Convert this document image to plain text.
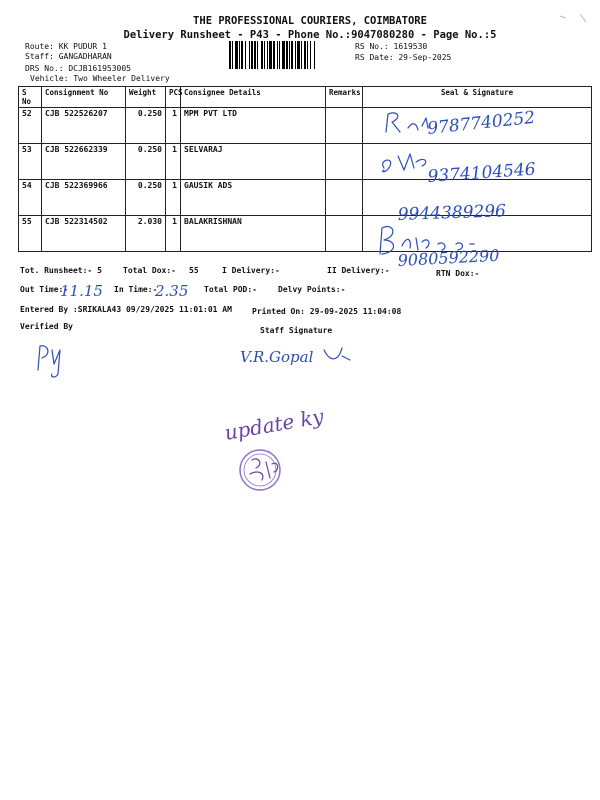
THE PROFESSIONAL COURIERS, COIMBATORE
Delivery Runsheet - P43 - Phone No.:9047080280 - Page No.:5
Route: KK PUDUR 1
Staff: GANGADHARAN
DRS No.: DCJB161953005
Vehicle: Two Wheeler Delivery
RS No.: 1619530
RS Date: 29-Sep-2025
S No	Consignment No	Weight	PCS	Consignee Details	Remarks	Seal & Signature
52	CJB 522526207	0.250	1	MPM PVT LTD		
53	CJB 522662339	0.250	1	SELVARAJ		
54	CJB 522369966	0.250	1	GAUSIK ADS		
55	CJB 522314502	2.030	1	BALAKRISHNAN		
Tot. Runsheet:- 5	Total Dox:- 55	I Delivery:-	II Delivery:-	RTN Dox:-
Out Time:-	In Time:-	Total POD:-	Delvy Points:-
Entered By :SRIKALA43 09/29/2025 11:01:01 AM	Printed On: 29-09-2025 11:04:08
Verified By	Staff Signature
9787740252
9374104546
9944389296
9080592290
11.15	2.35
V.R.Gopal
update ky
